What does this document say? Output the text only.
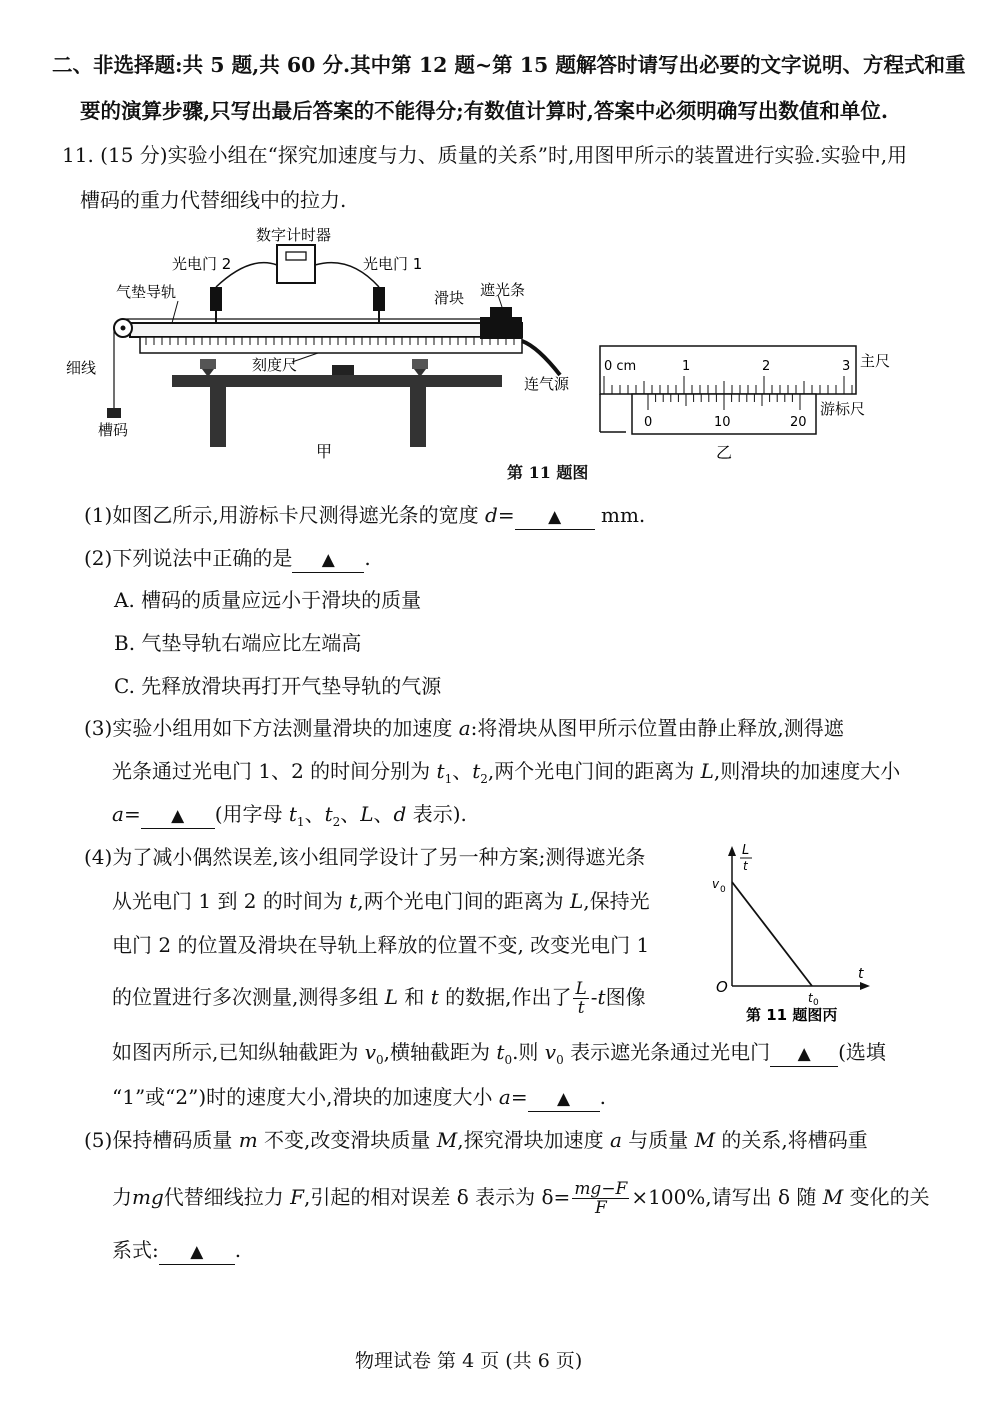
二、非选择题:共 5 题,共 60 分.其中第 12 题~第 15 题解答时请写出必要的文字说明、方程式和重
要的演算步骤,只写出最后答案的不能得分;有数值计算时,答案中必须明确写出数值和单位.
11. (15 分)实验小组在“探究加速度与力、质量的关系”时,用图甲所示的装置进行实验.实验中,用
槽码的重力代替细线中的拉力.
数字计时器
光电门 2	光电门 1
气垫导轨	滑块 遮光条
细线	刻度尺
连气源
槽码
甲
0 cm	1	2	3
0	10	20
主尺
游标尺
乙
第 11 题图
(1)如图乙所示,用游标卡尺测得遮光条的宽度 d= ▲ mm.
(2)下列说法中正确的是 ▲ .
A. 槽码的质量应远小于滑块的质量
B. 气垫导轨右端应比左端高
C. 先释放滑块再打开气垫导轨的气源
(3)实验小组用如下方法测量滑块的加速度 a:将滑块从图甲所示位置由静止释放,测得遮
光条通过光电门 1、2 的时间分别为 $t_1$、$t_2$,两个光电门间的距离为 L,则滑块的加速度大小
a= ▲ (用字母 $t_1$、$t_2$、L、d 表示).
(4)为了减小偶然误差,该小组同学设计了另一种方案;测得遮光条
从光电门 1 到 2 的时间为 t,两个光电门间的距离为 L,保持光
电门 2 的位置及滑块在导轨上释放的位置不变, 改变光电门 1
的位置进行多次测量,测得多组 L 和 t 的数据,作出了 $\frac{L}{t} -t$图像
如图丙所示,已知纵轴截距为 $v_0$,横轴截距为 $t_0$.则 $v_0$ 表示遮光条通过光电门 ▲ (选填
“1”或“2”)时的速度大小,滑块的加速度大小 a= ▲ .
L
t
v 0
O
t
t 0
第 11 题图丙
(5)保持槽码质量 m 不变,改变滑块质量 M,探究滑块加速度 a 与质量 M 的关系,将槽码重
力mg代替细线拉力 F,引起的相对误差 δ 表示为 $\delta= \frac{mg-F}{F} \times 100\%$,请写出 δ 随 M 变化的关
系式: ▲ .
物理试卷 第 4 页 (共 6 页)
